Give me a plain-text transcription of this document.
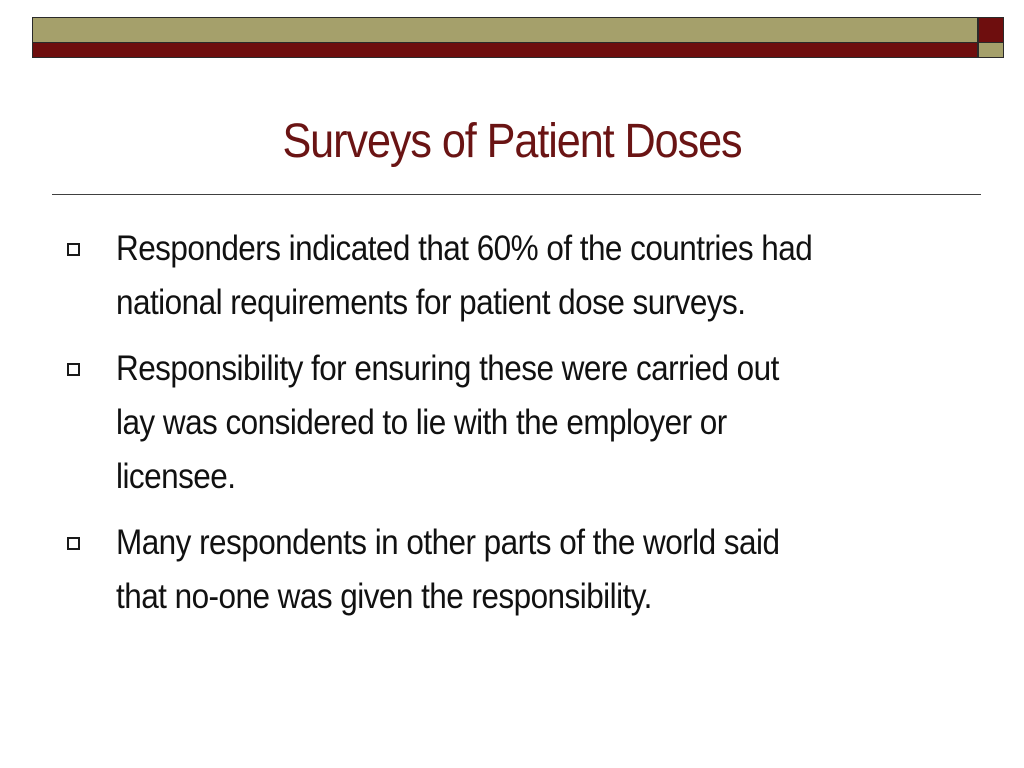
Surveys of Patient Doses
Responders indicated that 60% of the countries had
national requirements for patient dose surveys.
Responsibility for ensuring these were carried out
lay was considered to lie with the employer or
licensee.
Many respondents in other parts of the world said
that no-one was given the responsibility.
